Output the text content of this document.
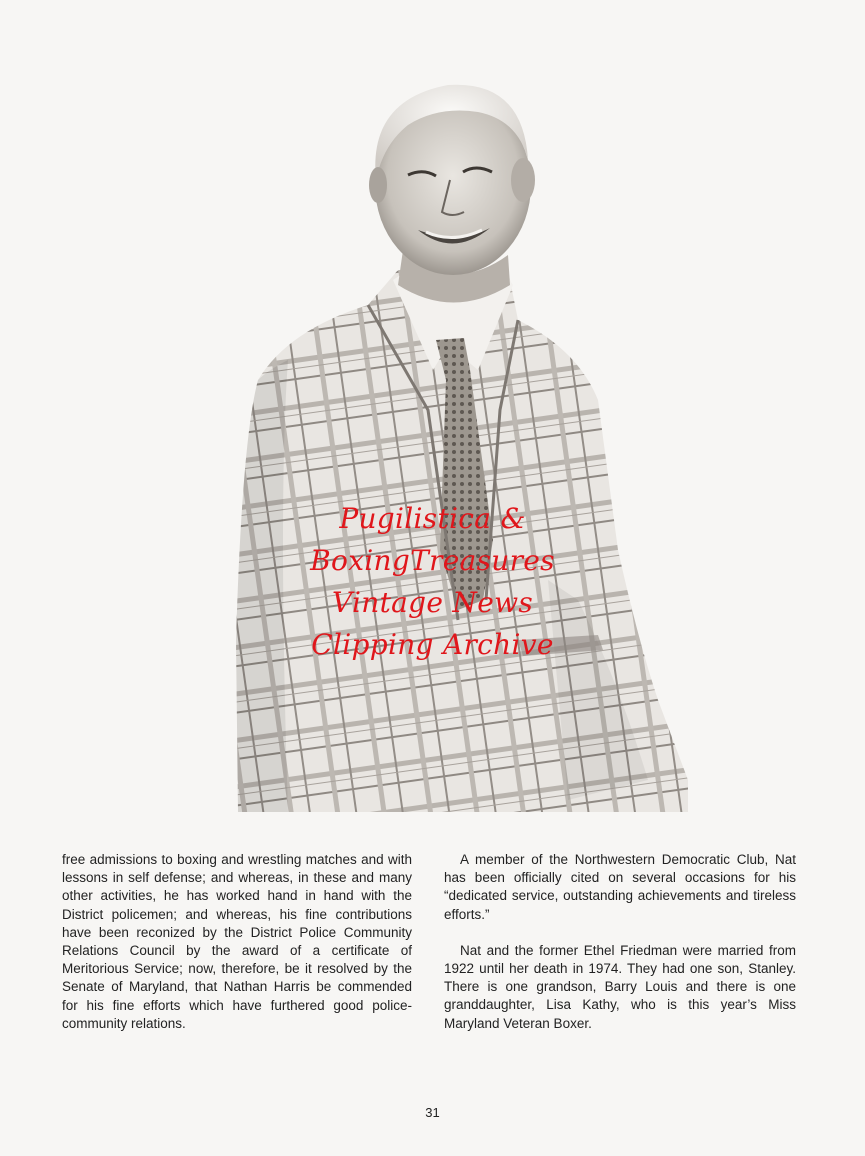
Pugilistica &
BoxingTreasures
Vintage News
Clipping Archive

free admissions to boxing and wrestling matches and with lessons in self defense; and whereas, in these and many other activities, he has worked hand in hand with the District policemen; and whereas, his fine contributions have been reconized by the District Police Community Relations Council by the award of a certificate of Meritorious Service; now, therefore, be it resolved by the Senate of Maryland, that Nathan Harris be commended for his fine efforts which have furthered good police-community relations.

A member of the Northwestern Democratic Club, Nat has been officially cited on several occasions for his “dedicated service, outstanding achievements and tireless efforts.”

Nat and the former Ethel Friedman were married from 1922 until her death in 1974. They had one son, Stanley. There is one grandson, Barry Louis and there is one granddaughter, Lisa Kathy, who is this year’s Miss Maryland Veteran Boxer.

31
